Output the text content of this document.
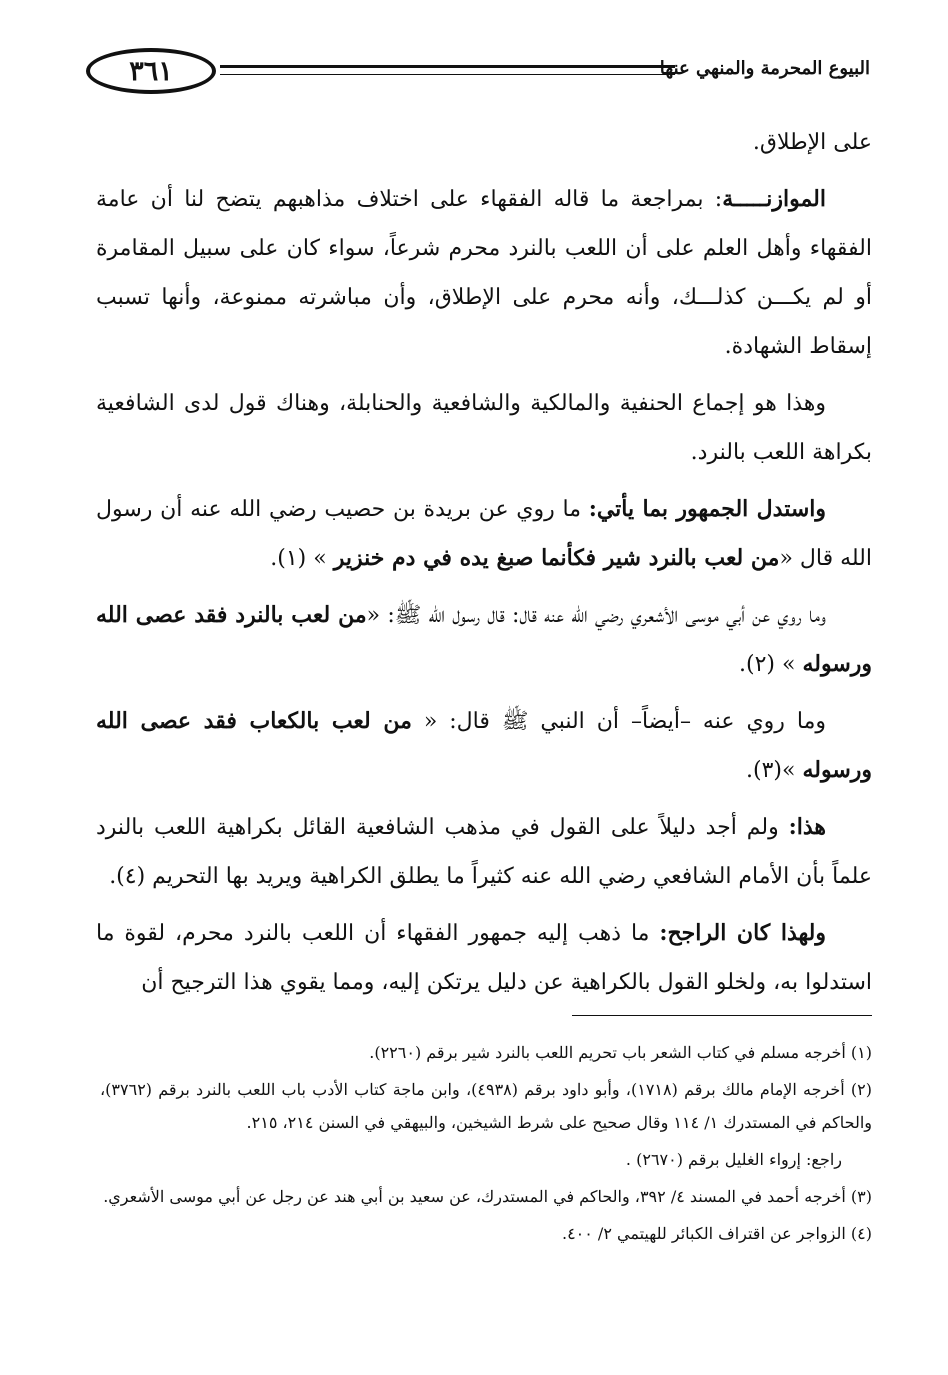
٣٦١	البيوع المحرمة والمنهي عنها

على الإطلاق.

الموازنـــــة: بمراجعة ما قاله الفقهاء على اختلاف مذاهبهم يتضح لنا أن عامة الفقهاء وأهل العلم على أن اللعب بالنرد محرم شرعاً، سواء كان على سبيل المقامرة أو لم يكـــن كذلـــك، وأنه محرم على الإطلاق، وأن مباشرته ممنوعة، وأنها تسبب إسقاط الشهادة.

وهذا هو إجماع الحنفية والمالكية والشافعية والحنابلة، وهناك قول لدى الشافعية بكراهة اللعب بالنرد.

واستدل الجمهور بما يأتي: ما روي عن بريدة بن حصيب رضي الله عنه أن رسول الله قال «من لعب بالنرد شير فكأنما صبغ يده في دم خنزير » (١).

وما روي عن أبي موسى الأشعري رضي الله عنه قال: قال رسول الله ﷺ: «من لعب بالنرد فقد عصى الله ورسوله » (٢).

وما روي عنه –أيضاً– أن النبي ﷺ قال: « من لعب بالكعاب فقد عصى الله ورسوله »(٣).

هذا: ولم أجد دليلاً على القول في مذهب الشافعية القائل بكراهية اللعب بالنرد علماً بأن الأمام الشافعي رضي الله عنه كثيراً ما يطلق الكراهية ويريد بها التحريم (٤).

ولهذا كان الراجح: ما ذهب إليه جمهور الفقهاء أن اللعب بالنرد محرم، لقوة ما استدلوا به، ولخلو القول بالكراهية عن دليل يرتكن إليه، ومما يقوي هذا الترجيح أن

(١) أخرجه مسلم في كتاب الشعر باب تحريم اللعب بالنرد شير برقم (٢٢٦٠).

(٢) أخرجه الإمام مالك برقم (١٧١٨)، وأبو داود برقم (٤٩٣٨)، وابن ماجة كتاب الأدب باب اللعب بالنرد برقم (٣٧٦٢)، والحاكم في المستدرك ١/ ١١٤ وقال صحيح على شرط الشيخين، والبيهقي في السنن ٢١٤، ٢١٥.

راجع: إرواء الغليل برقم (٢٦٧٠) .

(٣) أخرجه أحمد في المسند ٤/ ٣٩٢، والحاكم في المستدرك، عن سعيد بن أبي هند عن رجل عن أبي موسى الأشعري.

(٤) الزواجر عن اقتراف الكبائر للهيتمي ٢/ ٤٠٠.
